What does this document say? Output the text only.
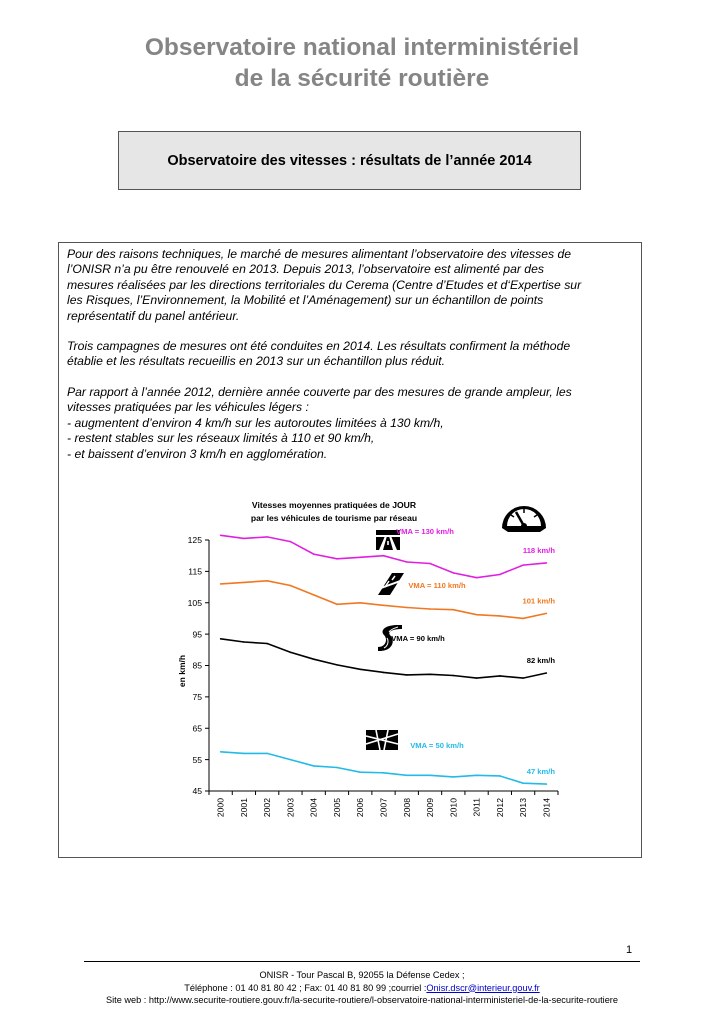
Observatoire national interministériel
de la sécurité routière
Observatoire des vitesses : résultats de l’année 2014
Pour des raisons techniques, le marché de mesures alimentant l’observatoire des vitesses de
l’ONISR n’a pu être renouvelé en 2013. Depuis 2013, l’observatoire est alimenté par des
mesures réalisées par les directions territoriales du Cerema (Centre d’Etudes et d‘Expertise sur
les Risques, l’Environnement, la Mobilité et l’Aménagement) sur un échantillon de points
représentatif du panel antérieur.
Trois campagnes de mesures ont été conduites en 2014. Les résultats confirment la méthode
établie et les résultats recueillis en 2013 sur un échantillon plus réduit.
Par rapport à l’année 2012, dernière année couverte par des mesures de grande ampleur, les
vitesses pratiquées par les véhicules légers :
- augmentent d’environ 4 km/h sur les autoroutes limitées à 130 km/h,
- restent stables sur les réseaux limités à 110 et 90 km/h,
- et baissent d’environ 3 km/h en agglomération.
Vitesses moyennes pratiquées de JOUR
par les véhicules de tourisme par réseau
en km/h
45
55
65
75
85
95
105
115
125
2000 2001 2002 2003 2004 2005 2006 2007 2008 2009 2010 2011 2012 2013 2014
118 km/h
VMA = 130 km/h
101 km/h
VMA = 110 km/h
82 km/h
VMA = 90 km/h
47 km/h
VMA = 50 km/h
1
ONISR - Tour Pascal B, 92055 la Défense Cedex ;
Téléphone : 01 40 81 80 42 ; Fax: 01 40 81 80 99 ;courriel :Onisr.dscr@interieur.gouv.fr
Site web : http://www.securite-routiere.gouv.fr/la-securite-routiere/l-observatoire-national-interministeriel-de-la-securite-routiere
